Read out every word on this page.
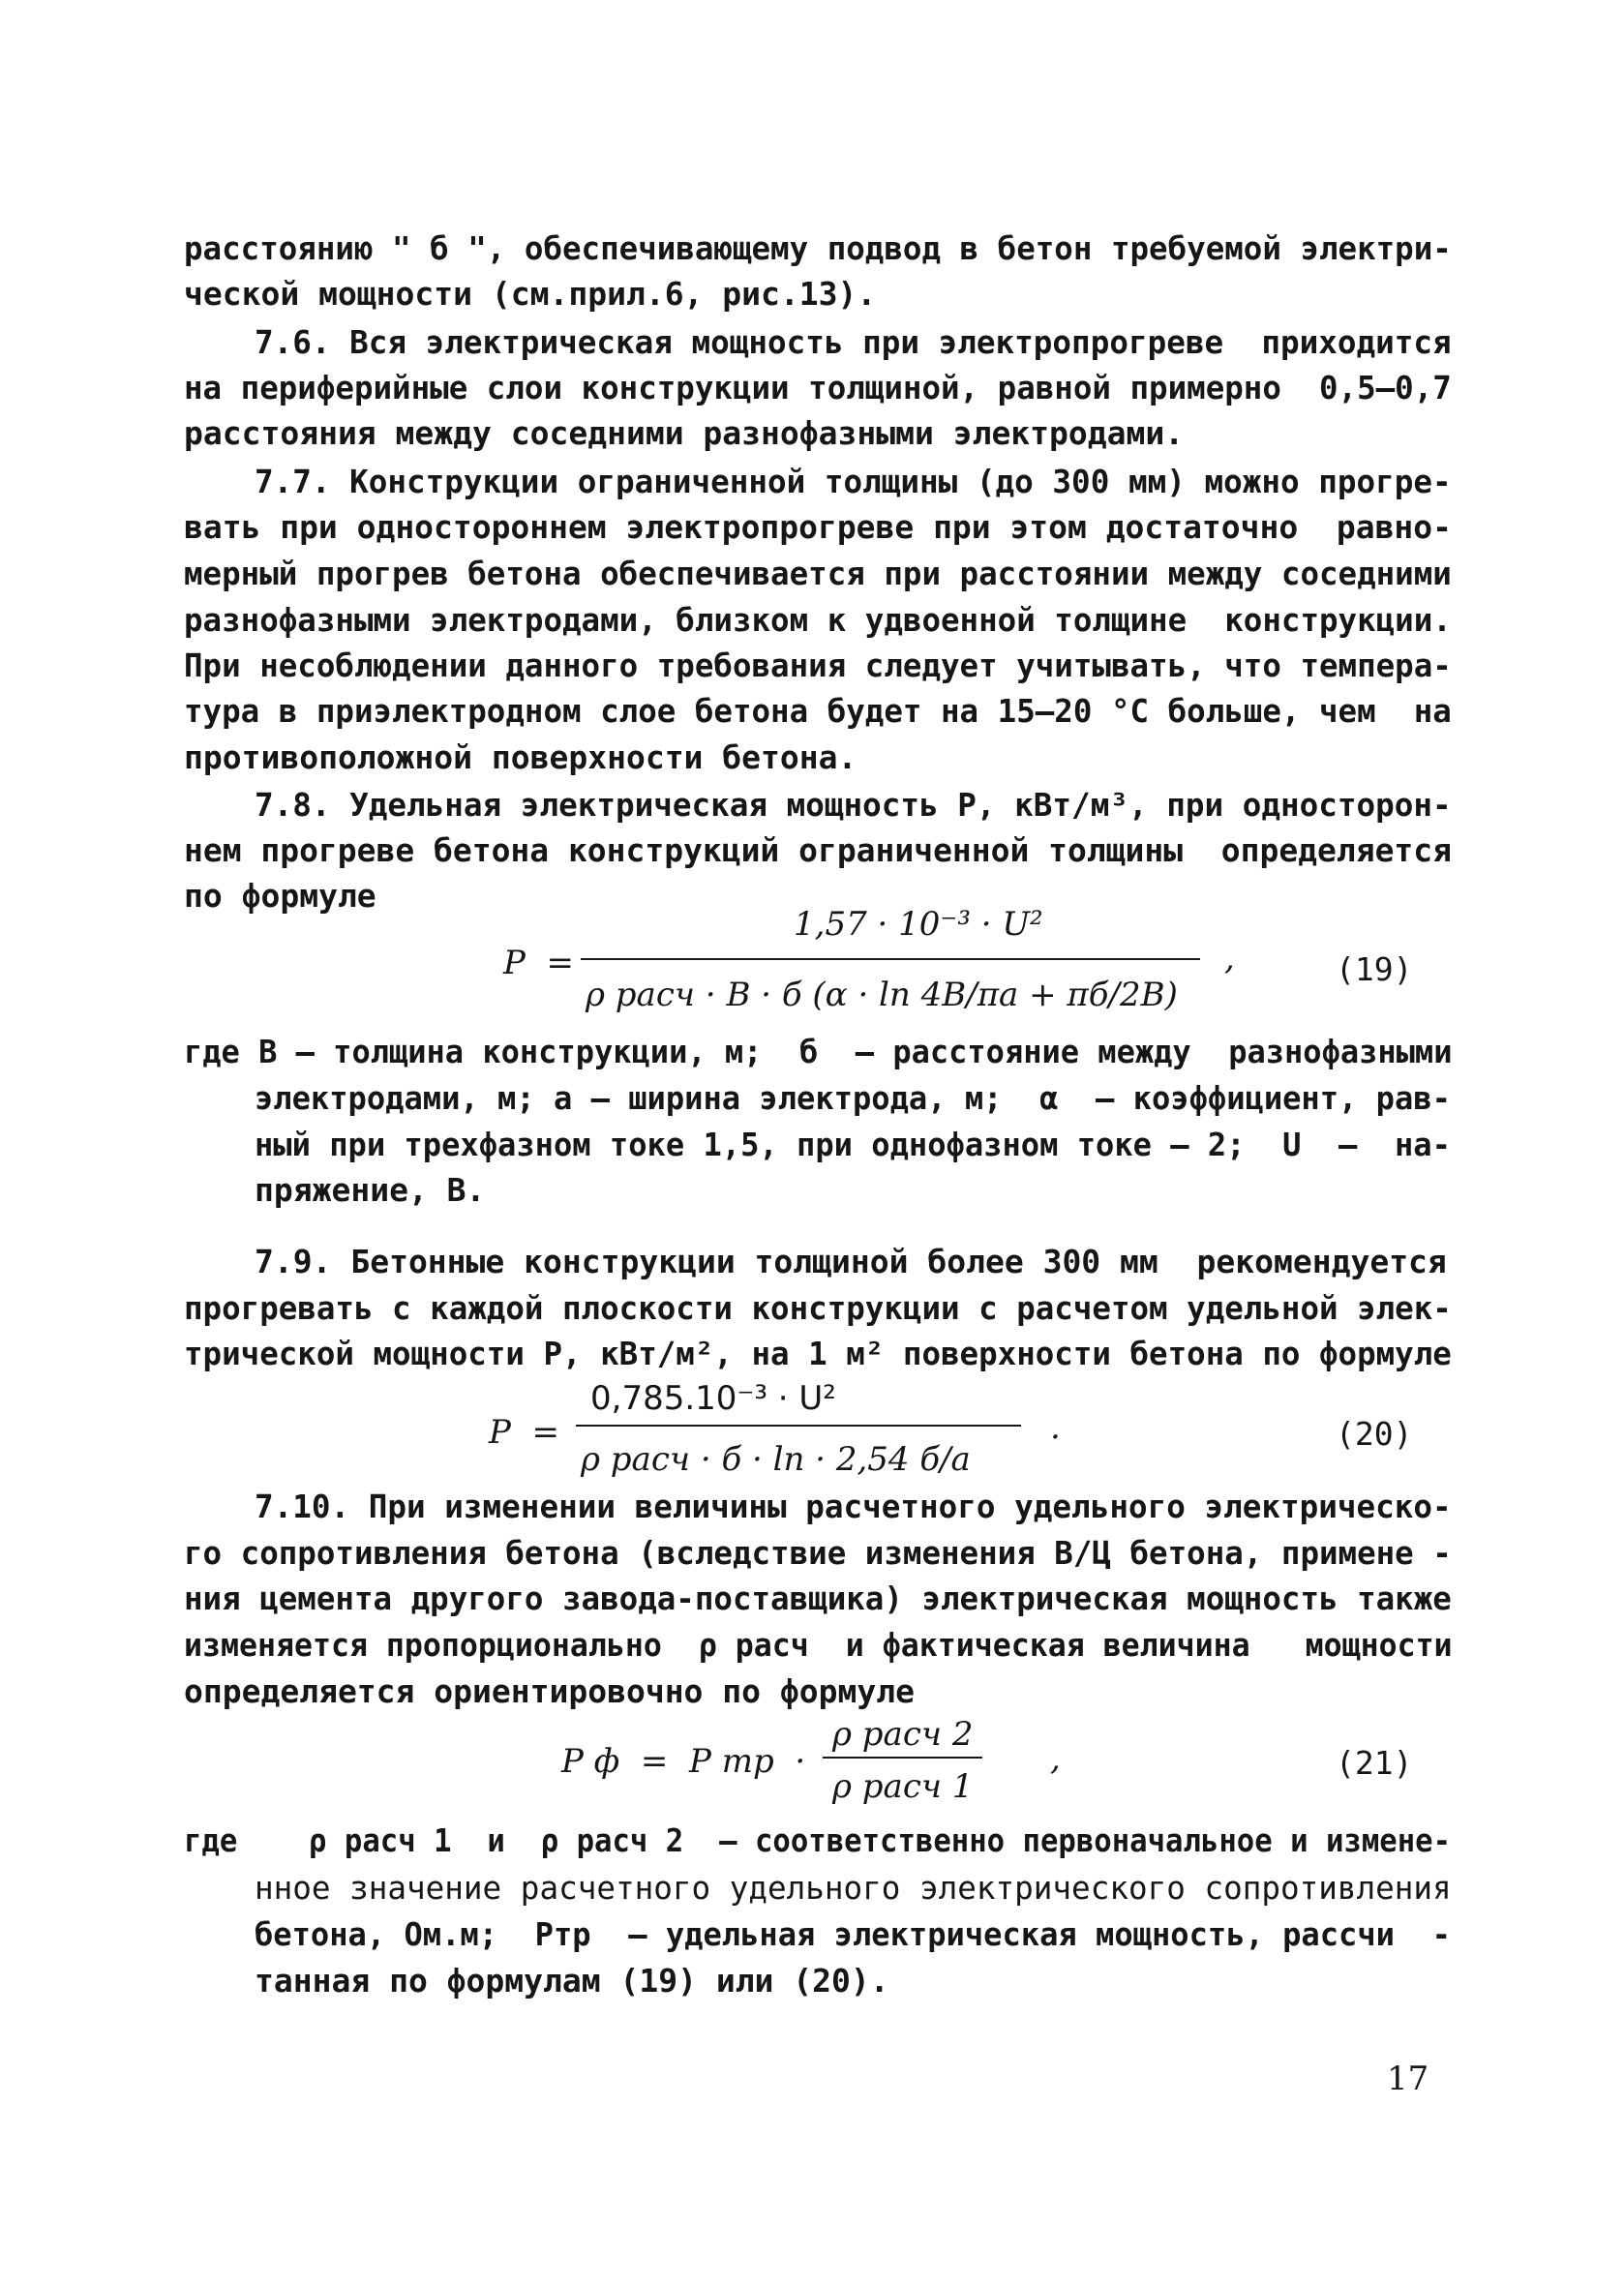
расстоянию " б ", обеспечивающему подвод в бетон требуемой электри-
ческой мощности (см.прил.6, рис.13).
7.6. Вся электрическая мощность при электропрогреве  приходится
на периферийные слои конструкции толщиной, равной примерно  0,5–0,7
расстояния между соседними разнофазными электродами.
7.7. Конструкции ограниченной толщины (до 300 мм) можно прогре-
вать при одностороннем электропрогреве при этом достаточно  равно-
мерный прогрев бетона обеспечивается при расстоянии между соседними
разнофазными электродами, близком к удвоенной толщине  конструкции.
При несоблюдении данного требования следует учитывать, что темпера-
тура в приэлектродном слое бетона будет на 15–20 °С больше, чем  на
противоположной поверхности бетона.
7.8. Удельная электрическая мощность Р, кВт/м³, при односторон-
нем прогреве бетона конструкций ограниченной толщины  определяется
по формуле
P  =
1,57 · 10⁻³ · U²
ρ расч · B · б (α · ln 4B/πa + πб/2B)
,	(19)
где В – толщина конструкции, м;  б  – расстояние между  разнофазными
электродами, м; а – ширина электрода, м;  α  – коэффициент, рав-
ный при трехфазном токе 1,5, при однофазном токе – 2;  U  –  на-
пряжение, В.
7.9. Бетонные конструкции толщиной более 300 мм  рекомендуется
прогревать с каждой плоскости конструкции с расчетом удельной элек-
трической мощности Р, кВт/м², на 1 м² поверхности бетона по формуле
P  =
0,785.10⁻³ · U²
ρ расч · б · ln · 2,54 б/a
.	(20)
7.10. При изменении величины расчетного удельного электрическо-
го сопротивления бетона (вследствие изменения В/Ц бетона, примене -
ния цемента другого завода-поставщика) электрическая мощность также
изменяется пропорционально  ρ расч  и фактическая величина   мощности
определяется ориентировочно по формуле
P ф  =  P тр  ·
ρ расч 2
ρ расч 1
,	(21)
где    ρ расч 1  и  ρ расч 2  – соответственно первоначальное и измене-
нное значение расчетного удельного электрического сопротивления
бетона, Ом.м;  Pтр  – удельная электрическая мощность, рассчи  -
танная по формулам (19) или (20).
17
